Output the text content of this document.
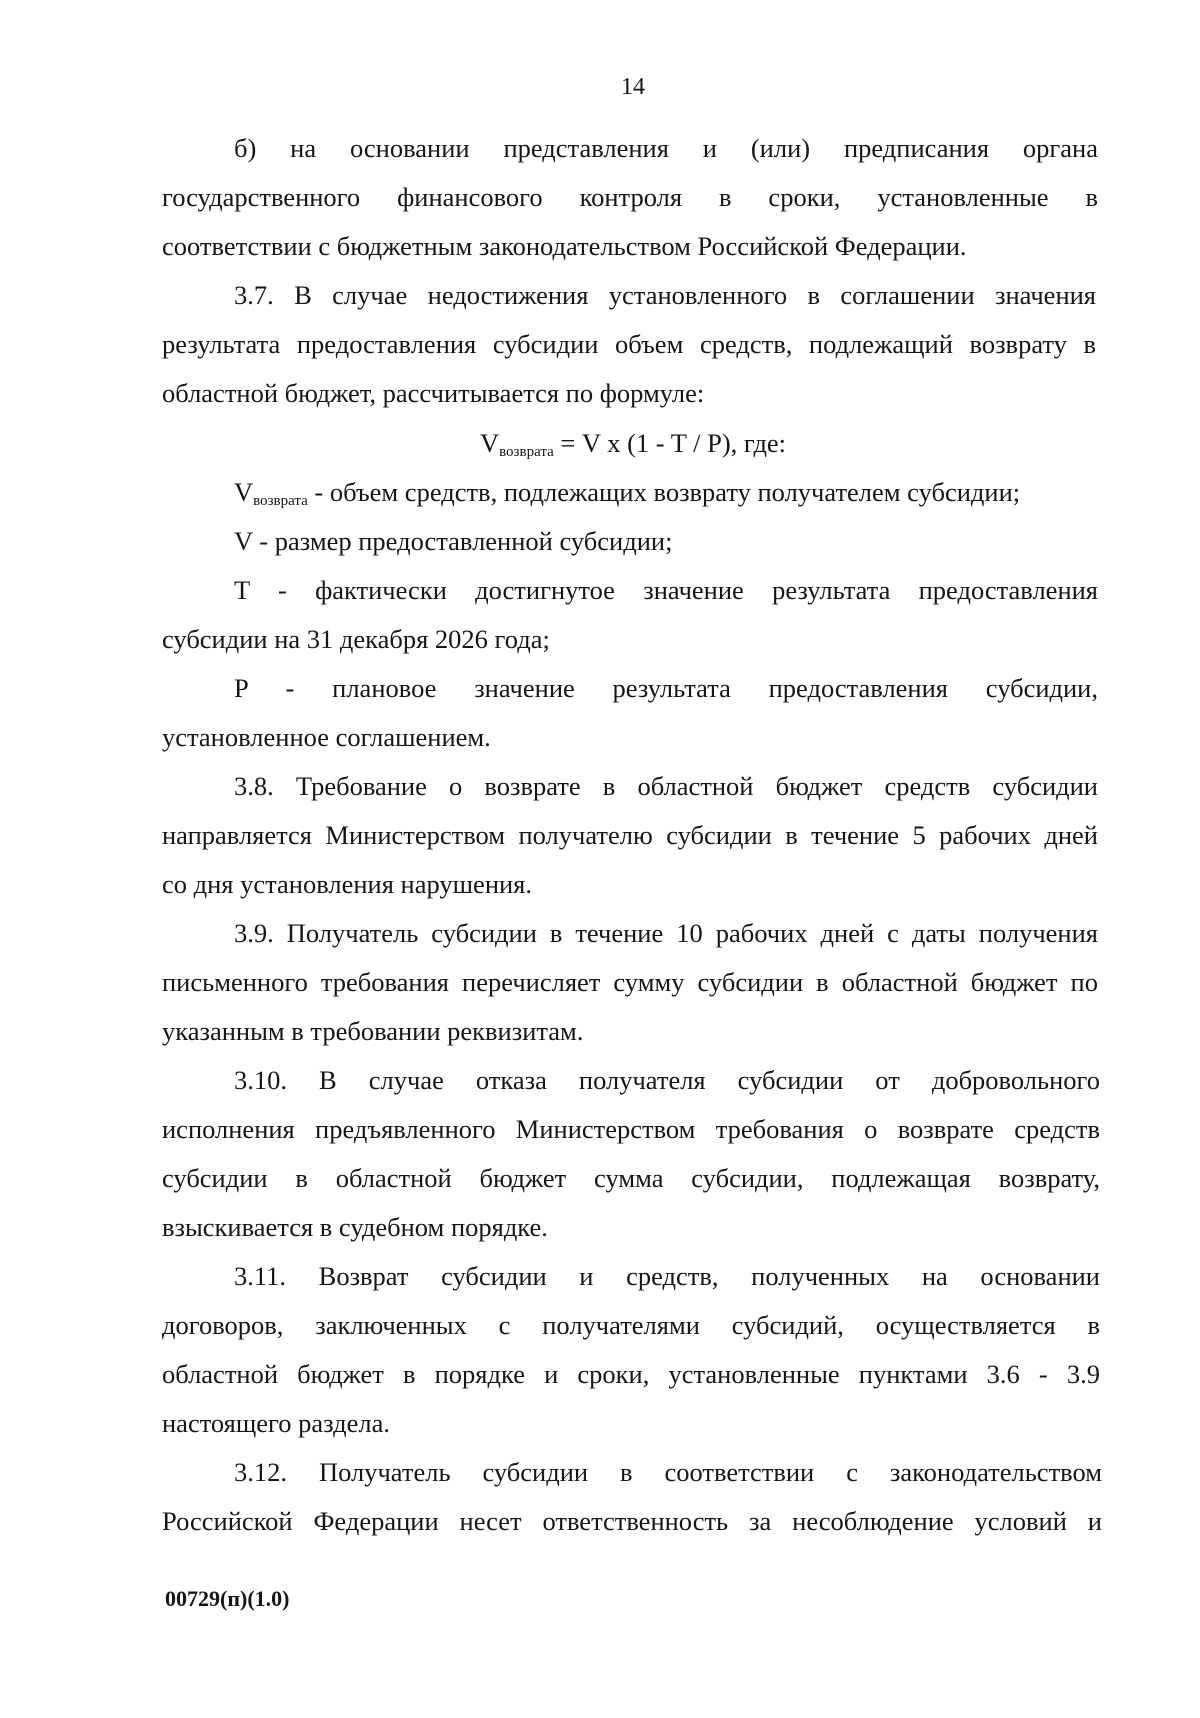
14
б) на основании представления и (или) предписания органа
государственного финансового контроля в сроки, установленные в
соответствии с бюджетным законодательством Российской Федерации.
3.7. В случае недостижения установленного в соглашении значения
результата предоставления субсидии объем средств, подлежащий возврату в
областной бюджет, рассчитывается по формуле:
$V_{возврата} = V$ x (1 - T / P), где:
$V_{возврата}$ - объем средств, подлежащих возврату получателем субсидии;
V - размер предоставленной субсидии;
T - фактически достигнутое значение результата предоставления
субсидии на 31 декабря 2026 года;
P - плановое значение результата предоставления субсидии,
установленное соглашением.
3.8. Требование о возврате в областной бюджет средств субсидии
направляется Министерством получателю субсидии в течение 5 рабочих дней
со дня установления нарушения.
3.9. Получатель субсидии в течение 10 рабочих дней с даты получения
письменного требования перечисляет сумму субсидии в областной бюджет по
указанным в требовании реквизитам.
3.10. В случае отказа получателя субсидии от добровольного
исполнения предъявленного Министерством требования о возврате средств
субсидии в областной бюджет сумма субсидии, подлежащая возврату,
взыскивается в судебном порядке.
3.11. Возврат субсидии и средств, полученных на основании
договоров, заключенных с получателями субсидий, осуществляется в
областной бюджет в порядке и сроки, установленные пунктами 3.6 - 3.9
настоящего раздела.
3.12. Получатель субсидии в соответствии с законодательством
Российской Федерации несет ответственность за несоблюдение условий и
00729(п)(1.0)
